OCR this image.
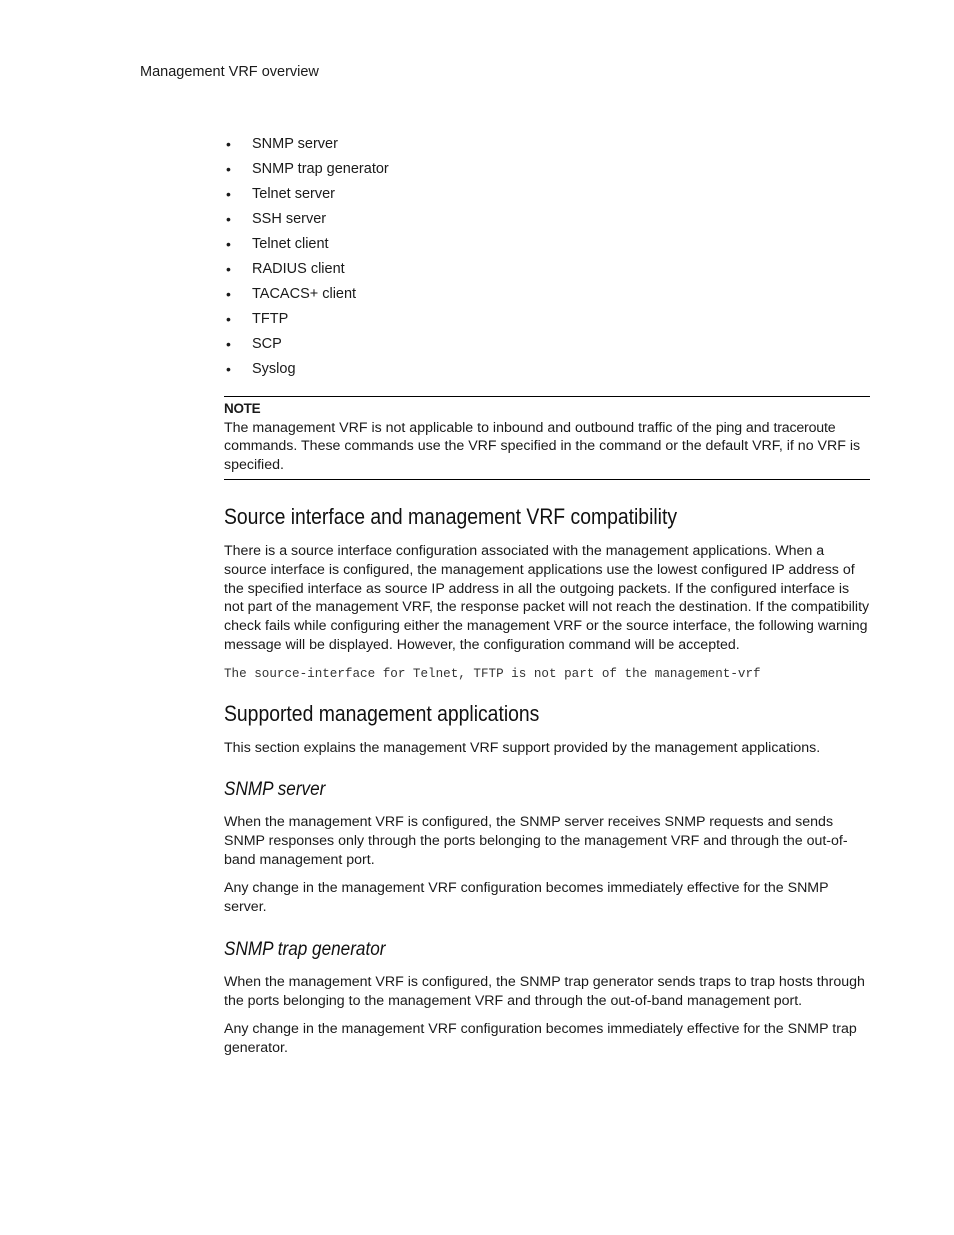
Management VRF overview
• SNMP server
• SNMP trap generator
• Telnet server
• SSH server
• Telnet client
• RADIUS client
• TACACS+ client
• TFTP
• SCP
• Syslog
NOTE
The management VRF is not applicable to inbound and outbound traffic of the ping and traceroute commands. These commands use the VRF specified in the command or the default VRF, if no VRF is specified.
Source interface and management VRF compatibility

There is a source interface configuration associated with the management applications. When a source interface is configured, the management applications use the lowest configured IP address of the specified interface as source IP address in all the outgoing packets. If the configured interface is not part of the management VRF, the response packet will not reach the destination. If the compatibility check fails while configuring either the management VRF or the source interface, the following warning message will be displayed. However, the configuration command will be accepted.

The source-interface for Telnet, TFTP is not part of the management-vrf
Supported management applications

This section explains the management VRF support provided by the management applications.

SNMP server

When the management VRF is configured, the SNMP server receives SNMP requests and sends SNMP responses only through the ports belonging to the management VRF and through the out-of-band management port.

Any change in the management VRF configuration becomes immediately effective for the SNMP server.

SNMP trap generator

When the management VRF is configured, the SNMP trap generator sends traps to trap hosts through the ports belonging to the management VRF and through the out-of-band management port.

Any change in the management VRF configuration becomes immediately effective for the SNMP trap generator.
